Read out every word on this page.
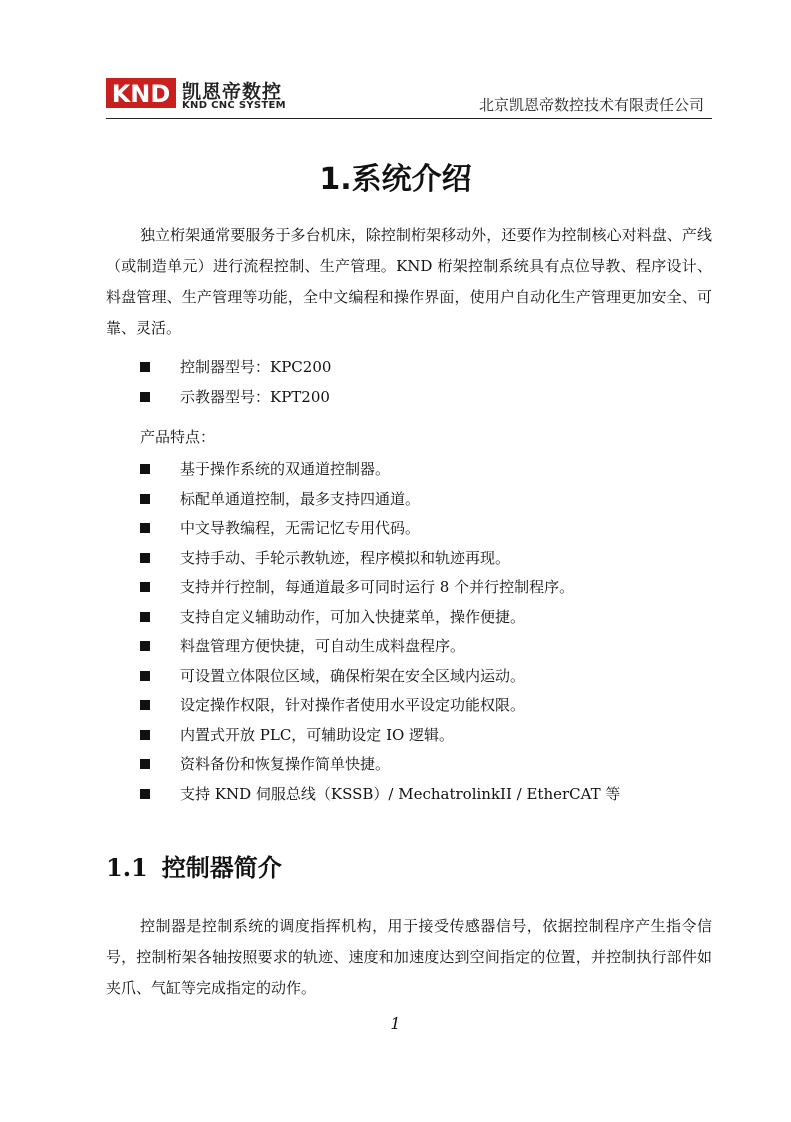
KND 凯恩帝数控
KND CNC SYSTEM	北京凯恩帝数控技术有限责任公司
1.系统介绍

独立桁架通常要服务于多台机床，除控制桁架移动外，还要作为控制核心对料盘、产线（或制造单元）进行流程控制、生产管理。KND 桁架控制系统具有点位导教、程序设计、料盘管理、生产管理等功能，全中文编程和操作界面，使用户自动化生产管理更加安全、可靠、灵活。

控制器型号：KPC200
示教器型号：KPT200
产品特点：
基于操作系统的双通道控制器。
标配单通道控制，最多支持四通道。
中文导教编程，无需记忆专用代码。
支持手动、手轮示教轨迹，程序模拟和轨迹再现。
支持并行控制，每通道最多可同时运行 8 个并行控制程序。
支持自定义辅助动作，可加入快捷菜单，操作便捷。
料盘管理方便快捷，可自动生成料盘程序。
可设置立体限位区域，确保桁架在安全区域内运动。
设定操作权限，针对操作者使用水平设定功能权限。
内置式开放 PLC，可辅助设定 IO 逻辑。
资料备份和恢复操作简单快捷。
支持 KND 伺服总线（KSSB）/ MechatrolinkII / EtherCAT 等
1.1 控制器简介

控制器是控制系统的调度指挥机构，用于接受传感器信号，依据控制程序产生指令信号，控制桁架各轴按照要求的轨迹、速度和加速度达到空间指定的位置，并控制执行部件如夹爪、气缸等完成指定的动作。

1
